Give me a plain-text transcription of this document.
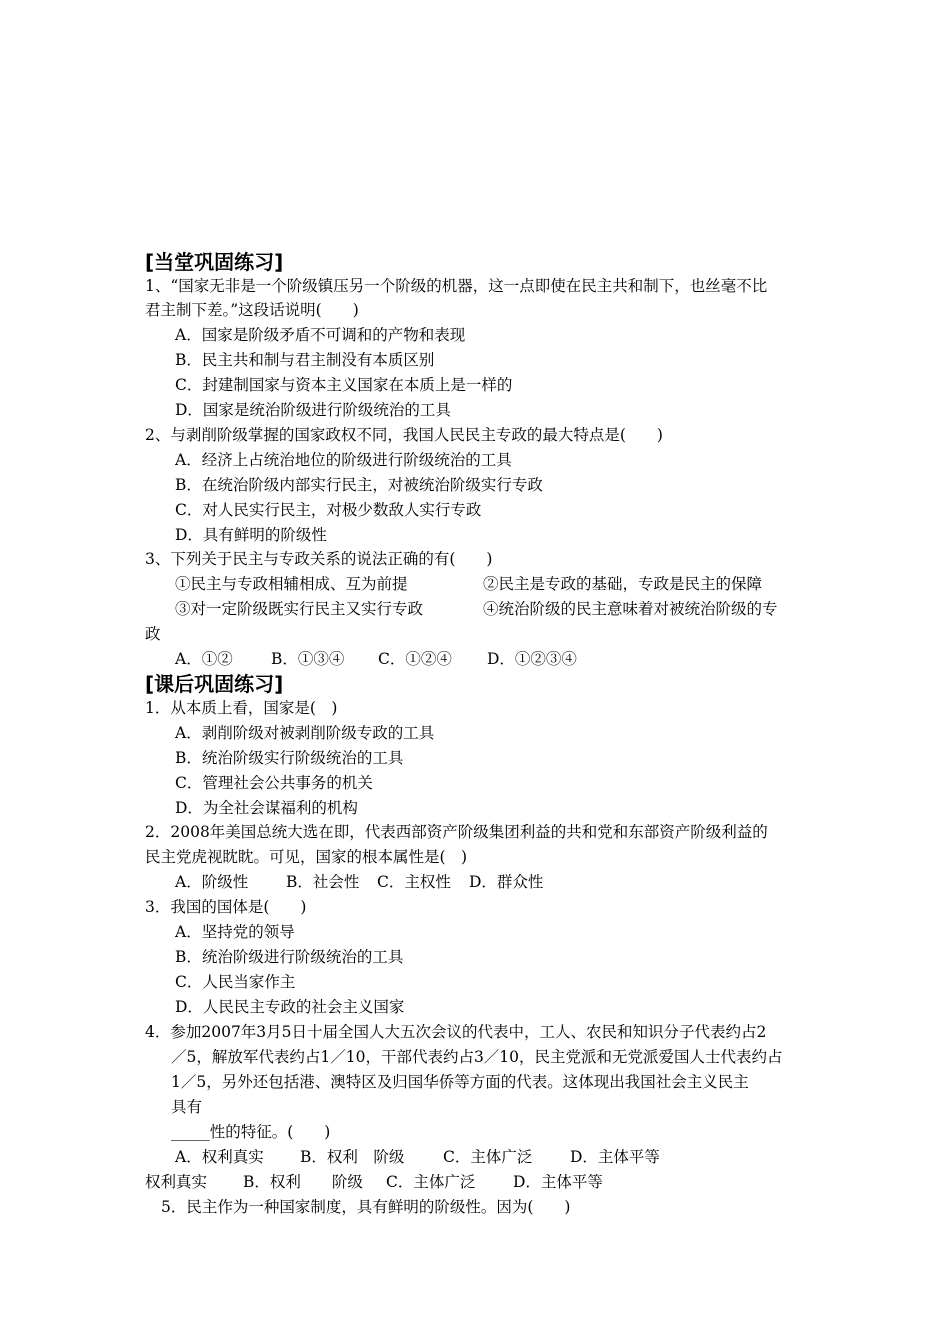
[当堂巩固练习]
1、“国家无非是一个阶级镇压另一个阶级的机器，这一点即使在民主共和制下，也丝毫不比
君主制下差。”这段话说明(　　)
A．国家是阶级矛盾不可调和的产物和表现
B．民主共和制与君主制没有本质区别
C．封建制国家与资本主义国家在本质上是一样的
D．国家是统治阶级进行阶级统治的工具
2、与剥削阶级掌握的国家政权不同，我国人民民主专政的最大特点是(　　)
A．经济上占统治地位的阶级进行阶级统治的工具
B．在统治阶级内部实行民主，对被统治阶级实行专政
C．对人民实行民主，对极少数敌人实行专政
D．具有鲜明的阶级性
3、下列关于民主与专政关系的说法正确的有(　　)
①民主与专政相辅相成、互为前提	②民主是专政的基础，专政是民主的保障
③对一定阶级既实行民主又实行专政	④统治阶级的民主意味着对被统治阶级的专
政
A．①② B．①③④ C．①②④ D．①②③④
[课后巩固练习]
1．从本质上看，国家是(　)
A．剥削阶级对被剥削阶级专政的工具
B．统治阶级实行阶级统治的工具
C．管理社会公共事务的机关
D．为全社会谋福利的机构
2．2008年美国总统大选在即，代表西部资产阶级集团利益的共和党和东部资产阶级利益的
民主党虎视眈眈。可见，国家的根本属性是(　)
A．阶级性 B．社会性 C．主权性 D．群众性
3．我国的国体是(　　)
A．坚持党的领导
B．统治阶级进行阶级统治的工具
C．人民当家作主
D．人民民主专政的社会主义国家
4．参加2007年3月5日十届全国人大五次会议的代表中，工人、农民和知识分子代表约占2
／5，解放军代表约占1／10，干部代表约占3／10，民主党派和无党派爱国人士代表约占
1／5，另外还包括港、澳特区及归国华侨等方面的代表。这体现出我国社会主义民主
具有
_____性的特征。(　　)
A．权利真实 B．权利　阶级 C．主体广泛 D．主体平等
权利真实 B．权利　　阶级 C．主体广泛 D．主体平等
5．民主作为一种国家制度，具有鲜明的阶级性。因为(　　)
